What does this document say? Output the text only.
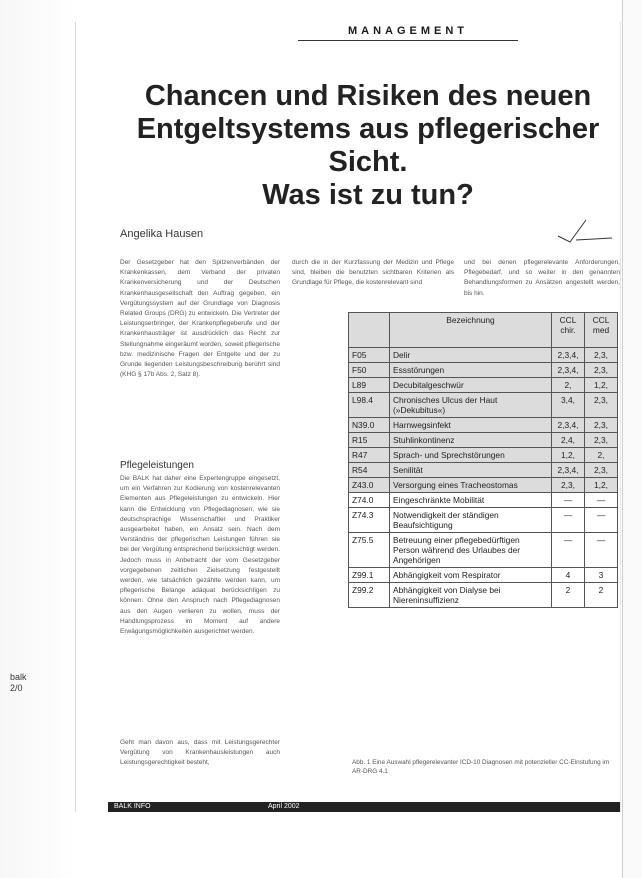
MANAGEMENT
Chancen und Risiken des neuen
Entgeltsystems aus pflegerischer
Sicht.
Was ist zu tun?
Angelika Hausen
Der Gesetzgeber hat den Spitzenverbänden der Krankenkassen, dem Verband der privaten Krankenversicherung und der Deutschen Krankenhausgesellschaft den Auftrag gegeben, ein Vergütungssystem auf der Grundlage von Diagnosis Related Groups (DRG) zu entwickeln. Die Vertreter der Leistungserbringer, der Krankenpflegeberufe und der Krankenhausträger ist ausdrücklich das Recht zur Stellungnahme eingeräumt worden, soweit pflegerische bzw. medizinische Fragen der Entgelte und der zu Grunde liegenden Leistungsbeschreibung berührt sind (KHG § 17b Abs. 2, Satz 8).
Pflegeleistungen
Die BALK hat daher eine Expertengruppe eingesetzt, um ein Verfahren zur Kodierung von kostenrelevanten Elementen aus Pflegeleistungen zu entwickeln. Hier kann die Entwicklung von Pflegediagnosen, wie sie deutschsprachige Wissenschaftler und Praktiker ausgearbeitet haben, ein Ansatz sein. Nach dem Verständnis der pflegerischen Leistungen führen sie bei der Vergütung entsprechend berücksichtigt werden. Jedoch muss in Anbetracht der vom Gesetzgeber vorgegebenen zeitlichen Zielsetzung festgestellt werden, wie tatsächlich gezählte werden kann, um pflegerische Belange adäquat berücksichtigen zu können. Ohne den Anspruch nach Pflegediagnosen aus den Augen verlieren zu wollen, muss der Handlungsprozess im Moment auf andere Erwägungsmöglichkeiten ausgerichtet werden.
Geht man davon aus, dass mit Leistungsgerechter Vergütung von Krankenhausleistungen auch Leistungsgerechtigkeit besteht,
durch die in der Kurzfassung der Medizin und Pflege sind, bleiben die benutzten sichtbaren Kriterien als Grundlage für Pflege, die kostenrelevant sind
und bei denen pflegerelevante Anforderungen, Pflegebedarf, und so weiter in den genannten Behandlungsformen zu Ansätzen angestellt werden, bis hin.
	Bezeichnung	CCL chir.	CCL med
F05	Delir	2,3,4,	2,3,
F50	Essstörungen	2,3,4,	2,3,
L89	Decubitalgeschwür	2,	1,2,
L98.4	Chronisches Ulcus der Haut (»Dekubitus«)	3,4,	2,3,
N39.0	Harnwegsinfekt	2,3,4,	2,3,
R15	Stuhlinkontinenz	2,4,	2,3,
R47	Sprach- und Sprechstörungen	1,2,	2,
R54	Senilität	2,3,4,	2,3,
Z43.0	Versorgung eines Tracheostomas	2,3,	1,2,
Z74.0	Eingeschränkte Mobilität	—	—
Z74.3	Notwendigkeit der ständigen Beaufsichtigung	—	—
Z75.5	Betreuung einer pflegebedürftigen Person während des Urlaubes der Angehörigen	—	—
Z99.1	Abhängigkeit vom Respirator	4	3
Z99.2	Abhängigkeit von Dialyse bei Niereninsuffizienz	2	2
Abb. 1 Eine Auswahl pflegerelevanter ICD-10 Diagnosen mit potenzieller CC-Einstufung im AR-DRG 4.1
BALK INFO	April 2002
balk 2/0
